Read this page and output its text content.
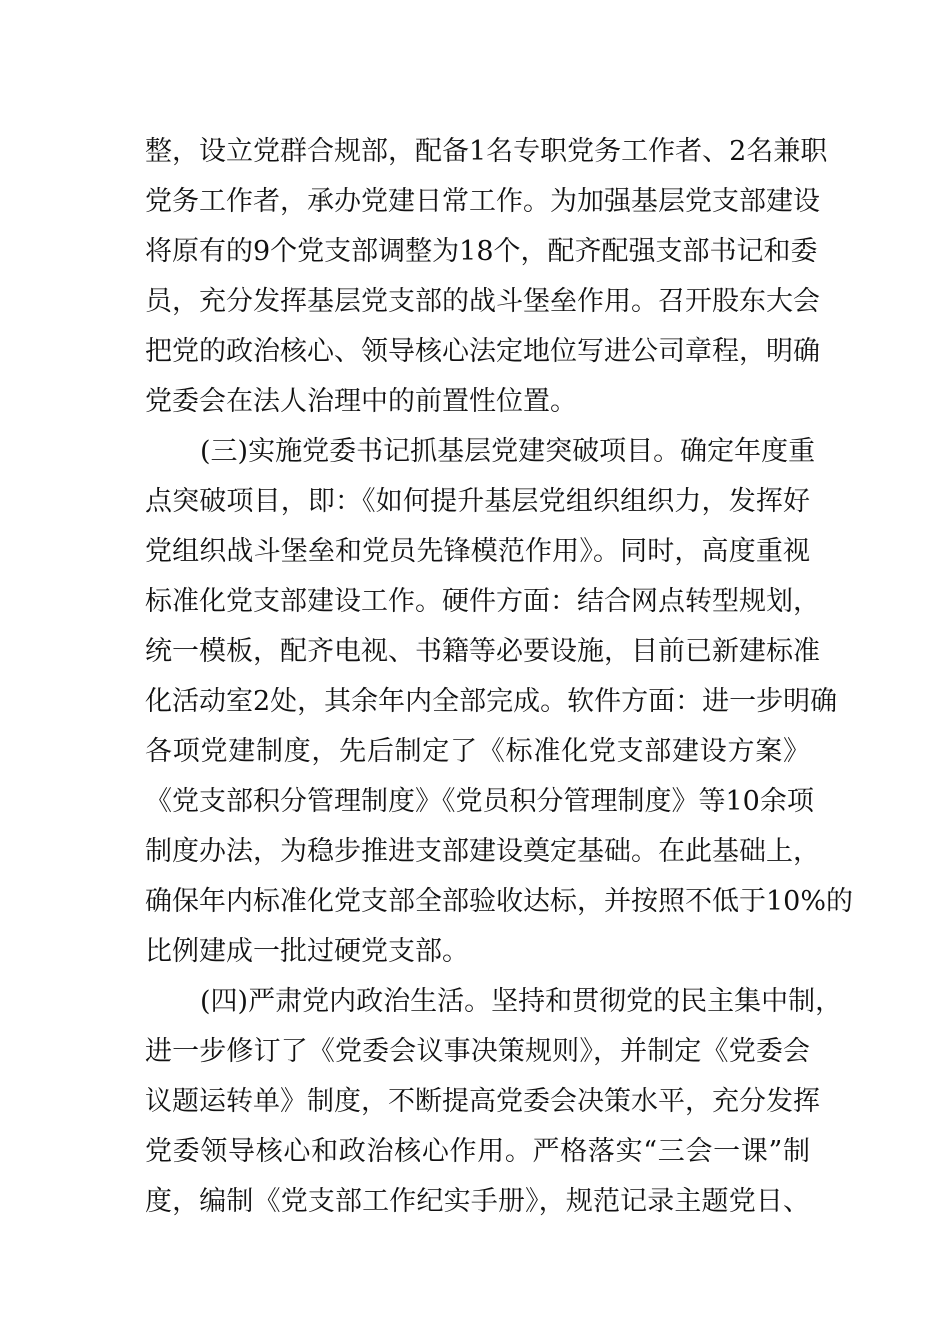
整，设立党群合规部，配备1名专职党务工作者、2名兼职
党务工作者，承办党建日常工作。为加强基层党支部建设
将原有的9个党支部调整为18个，配齐配强支部书记和委
员，充分发挥基层党支部的战斗堡垒作用。召开股东大会
把党的政治核心、领导核心法定地位写进公司章程，明确
党委会在法人治理中的前置性位置。
(三)实施党委书记抓基层党建突破项目。确定年度重
点突破项目，即：《如何提升基层党组织组织力，发挥好
党组织战斗堡垒和党员先锋模范作用》。同时，高度重视
标准化党支部建设工作。硬件方面：结合网点转型规划，
统一模板，配齐电视、书籍等必要设施，目前已新建标准
化活动室2处，其余年内全部完成。软件方面：进一步明确
各项党建制度，先后制定了《标准化党支部建设方案》
《党支部积分管理制度》《党员积分管理制度》等10余项
制度办法，为稳步推进支部建设奠定基础。在此基础上，
确保年内标准化党支部全部验收达标，并按照不低于10%的
比例建成一批过硬党支部。
(四)严肃党内政治生活。坚持和贯彻党的民主集中制，
进一步修订了《党委会议事决策规则》，并制定《党委会
议题运转单》制度，不断提高党委会决策水平，充分发挥
党委领导核心和政治核心作用。严格落实“三会一课”制
度，编制《党支部工作纪实手册》，规范记录主题党日、
